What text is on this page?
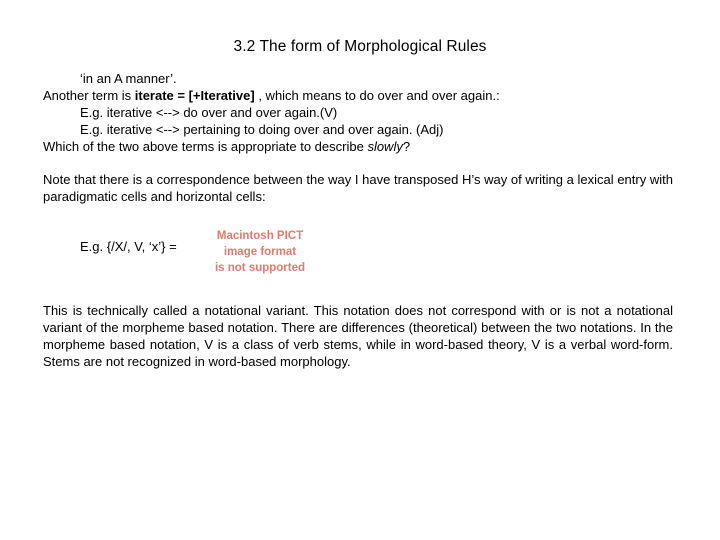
3.2 The form of Morphological Rules
‘in an A manner’.
Another term is iterate = [+Iterative] , which means to do over and over again.:
E.g. iterative <--> do over and over again.(V)
E.g. iterative <--> pertaining to doing over and over again. (Adj)
Which of the two above terms is appropriate to describe slowly?
Note that there is a correspondence between the way I have transposed H’s way of writing a lexical entry with paradigmatic cells and horizontal cells:
E.g. {/X/, V, ‘x’} =
Macintosh PICT
image format
is not supported
This is technically called a notational variant. This notation does not correspond with or is not a notational variant of the morpheme based notation. There are differences (theoretical) between the two notations. In the morpheme based notation, V is a class of verb stems, while in word-based theory, V is a verbal word-form. Stems are not recognized in word-based morphology.
